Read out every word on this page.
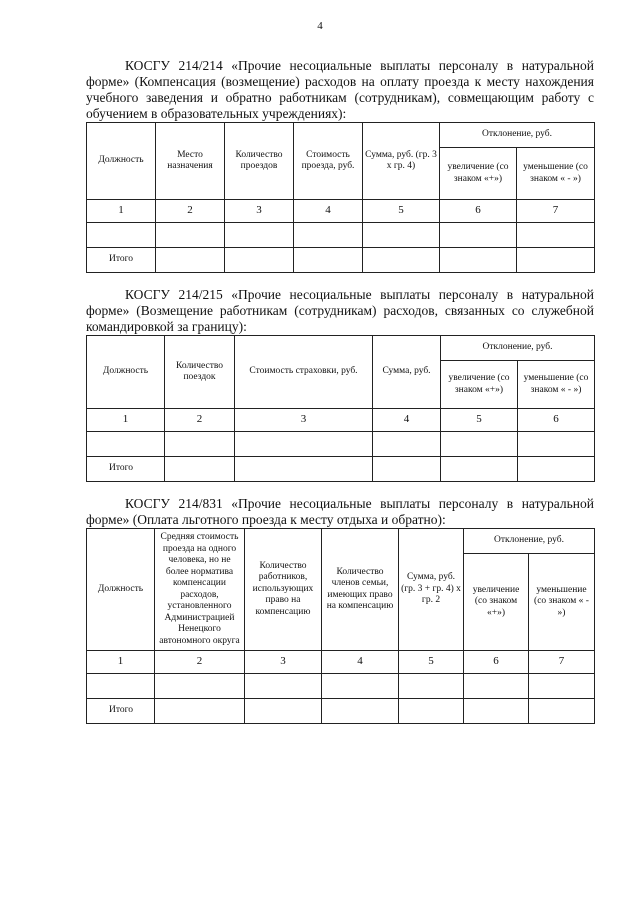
4

КОСГУ 214/214 «Прочие несоциальные выплаты персоналу в натуральной форме» (Компенсация (возмещение) расходов на оплату проезда к месту нахождения учебного заведения и обратно работникам (сотрудникам), совмещающим работу с обучением в образовательных учреждениях):

Должность	Место назначения	Количество проездов	Стоимость проезда, руб.	Сумма, руб. (гр. 3 х гр. 4)	Отклонение, руб.	
					увеличение (со знаком «+»)	уменьшение (со знаком « - »)
1	2	3	4	5	6	7

Итого						

КОСГУ 214/215 «Прочие несоциальные выплаты персоналу в натуральной форме» (Возмещение работникам (сотрудникам) расходов, связанных со служебной командировкой за границу):

Должность	Количество поездок	Стоимость страховки, руб.	Сумма, руб.	Отклонение, руб.	
				увеличение (со знаком «+»)	уменьшение (со знаком « - »)
1	2	3	4	5	6

Итого					

КОСГУ 214/831 «Прочие несоциальные выплаты персоналу в натуральной форме» (Оплата льготного проезда к месту отдыха и обратно):

Должность	Средняя стоимость проезда на одного человека, но не более норматива компенсации расходов, установленного Администрацией Ненецкого автономного округа	Количество работников, использующих право на компенсацию	Количество членов семьи, имеющих право на компенсацию	Сумма, руб. (гр. 3 + гр. 4) х гр. 2	Отклонение, руб.	
					увеличение (со знаком «+»)	уменьшение (со знаком « - »)
1	2	3	4	5	6	7

Итого						
